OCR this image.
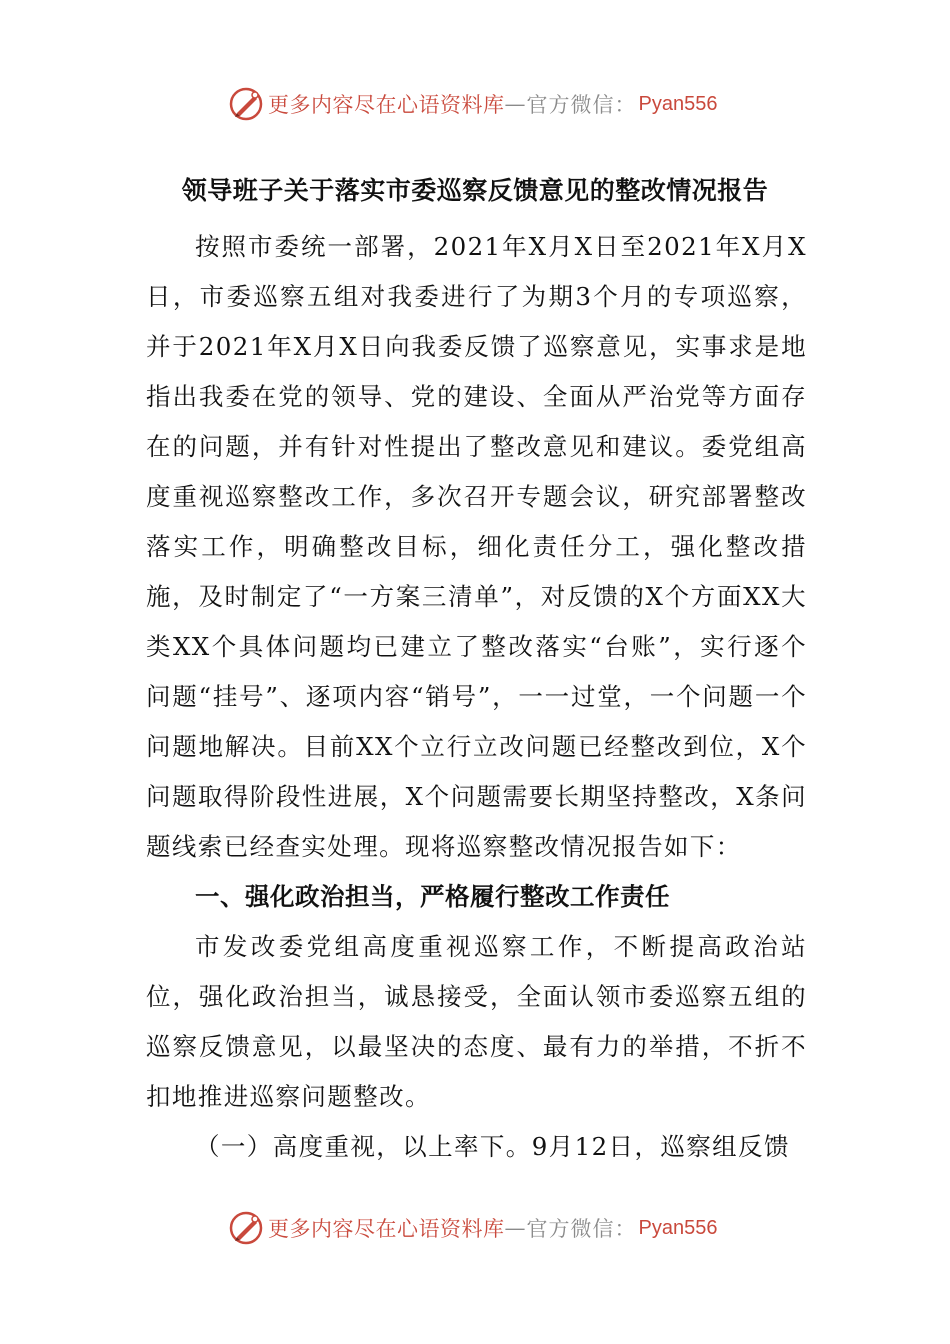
更多内容尽在心语资料库 — 官方微信： Pyan556
领导班子关于落实市委巡察反馈意见的整改情况报告

按照市委统一部署，2021年X月X日至2021年X月X日，市委巡察五组对我委进行了为期3个月的专项巡察，并于2021年X月X日向我委反馈了巡察意见，实事求是地指出我委在党的领导、党的建设、全面从严治党等方面存在的问题，并有针对性提出了整改意见和建议。委党组高度重视巡察整改工作，多次召开专题会议，研究部署整改落实工作，明确整改目标，细化责任分工，强化整改措施，及时制定了“一方案三清单”，对反馈的X个方面XX大类XX个具体问题均已建立了整改落实“台账”，实行逐个问题“挂号”、逐项内容“销号”，一一过堂，一个问题一个问题地解决。目前XX个立行立改问题已经整改到位，X个问题取得阶段性进展，X个问题需要长期坚持整改，X条问题线索已经查实处理。现将巡察整改情况报告如下：

一、强化政治担当，严格履行整改工作责任

市发改委党组高度重视巡察工作，不断提高政治站位，强化政治担当，诚恳接受，全面认领市委巡察五组的巡察反馈意见，以最坚决的态度、最有力的举措，不折不扣地推进巡察问题整改。

（一）高度重视，以上率下。9月12日，巡察组反馈

更多内容尽在心语资料库 — 官方微信： Pyan556
